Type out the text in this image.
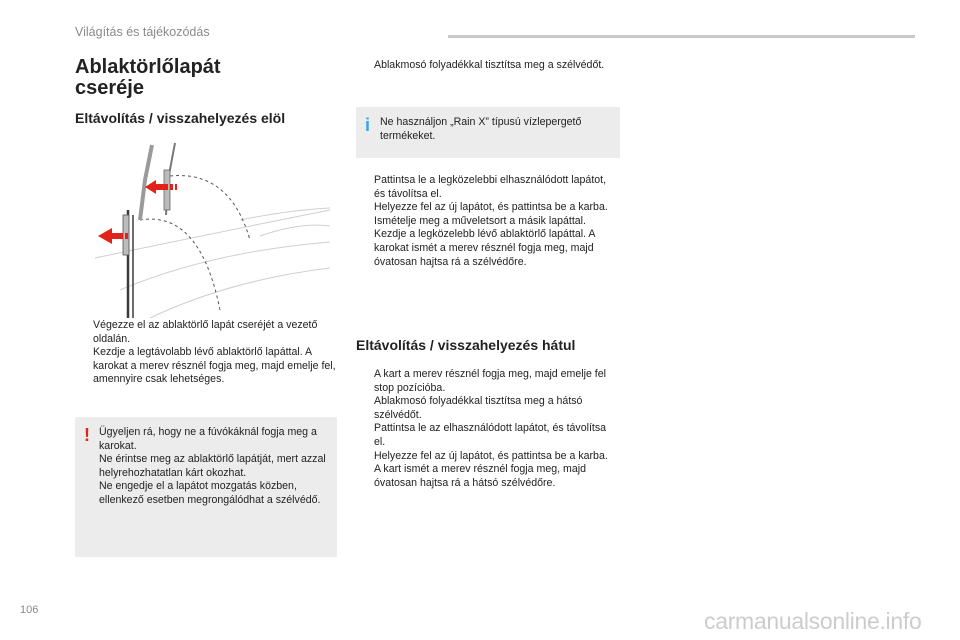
Világítás és tájékozódás
Ablaktörlőlapát
cseréje
Eltávolítás / visszahelyezés elöl
Végezze el az ablaktörlő lapát cseréjét a vezető oldalán.
Kezdje a legtávolabb lévő ablaktörlő lapáttal. A karokat a merev résznél fogja meg, majd emelje fel, amennyire csak lehetséges.
! Ügyeljen rá, hogy ne a fúvókáknál fogja meg a karokat.
Ne érintse meg az ablaktörlő lapátját, mert azzal helyrehozhatatlan kárt okozhat.
Ne engedje el a lapátot mozgatás közben, ellenkező esetben megrongálódhat a szélvédő.
Ablakmosó folyadékkal tisztítsa meg a szélvédőt.
i Ne használjon „Rain X” típusú vízlepergető termékeket.
Pattintsa le a legközelebbi elhasználódott lapátot, és távolítsa el.
Helyezze fel az új lapátot, és pattintsa be a karba.
Ismételje meg a műveletsort a másik lapáttal.
Kezdje a legközelebb lévő ablaktörlő lapáttal. A karokat ismét a merev résznél fogja meg, majd óvatosan hajtsa rá a szélvédőre.
Eltávolítás / visszahelyezés hátul
A kart a merev résznél fogja meg, majd emelje fel stop pozícióba.
Ablakmosó folyadékkal tisztítsa meg a hátsó szélvédőt.
Pattintsa le az elhasználódott lapátot, és távolítsa el.
Helyezze fel az új lapátot, és pattintsa be a karba.
A kart ismét a merev résznél fogja meg, majd óvatosan hajtsa rá a hátsó szélvédőre.
106	carmanualsonline.info
